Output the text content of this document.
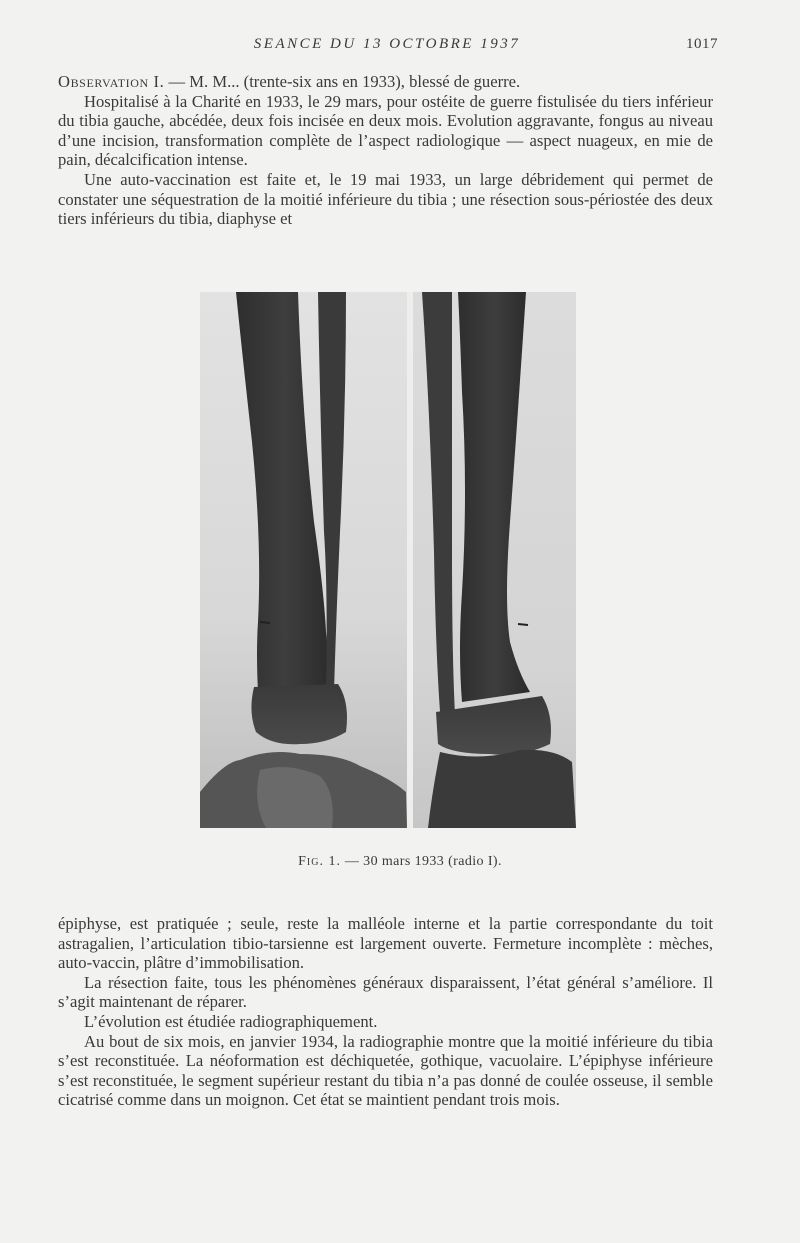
SEANCE DU 13 OCTOBRE 1937	1017

Observation I. — M. M... (trente-six ans en 1933), blessé de guerre.

Hospitalisé à la Charité en 1933, le 29 mars, pour ostéite de guerre fistulisée du tiers inférieur du tibia gauche, abcédée, deux fois incisée en deux mois. Evolution aggravante, fongus au niveau d’une incision, transformation complète de l’aspect radiologique — aspect nuageux, en mie de pain, décalcification intense.

Une auto-vaccination est faite et, le 19 mai 1933, un large débridement qui permet de constater une séquestration de la moitié inférieure du tibia ; une résection sous-périostée des deux tiers inférieurs du tibia, diaphyse et

Fig. 1. — 30 mars 1933 (radio I).

épiphyse, est pratiquée ; seule, reste la malléole interne et la partie correspondante du toit astragalien, l’articulation tibio-tarsienne est largement ouverte. Fermeture incomplète : mèches, auto-vaccin, plâtre d’immobilisation.

La résection faite, tous les phénomènes généraux disparaissent, l’état général s’améliore. Il s’agit maintenant de réparer.

L’évolution est étudiée radiographiquement.

Au bout de six mois, en janvier 1934, la radiographie montre que la moitié inférieure du tibia s’est reconstituée. La néoformation est déchiquetée, gothique, vacuolaire. L’épiphyse inférieure s’est reconstituée, le segment supérieur restant du tibia n’a pas donné de coulée osseuse, il semble cicatrisé comme dans un moignon. Cet état se maintient pendant trois mois.
